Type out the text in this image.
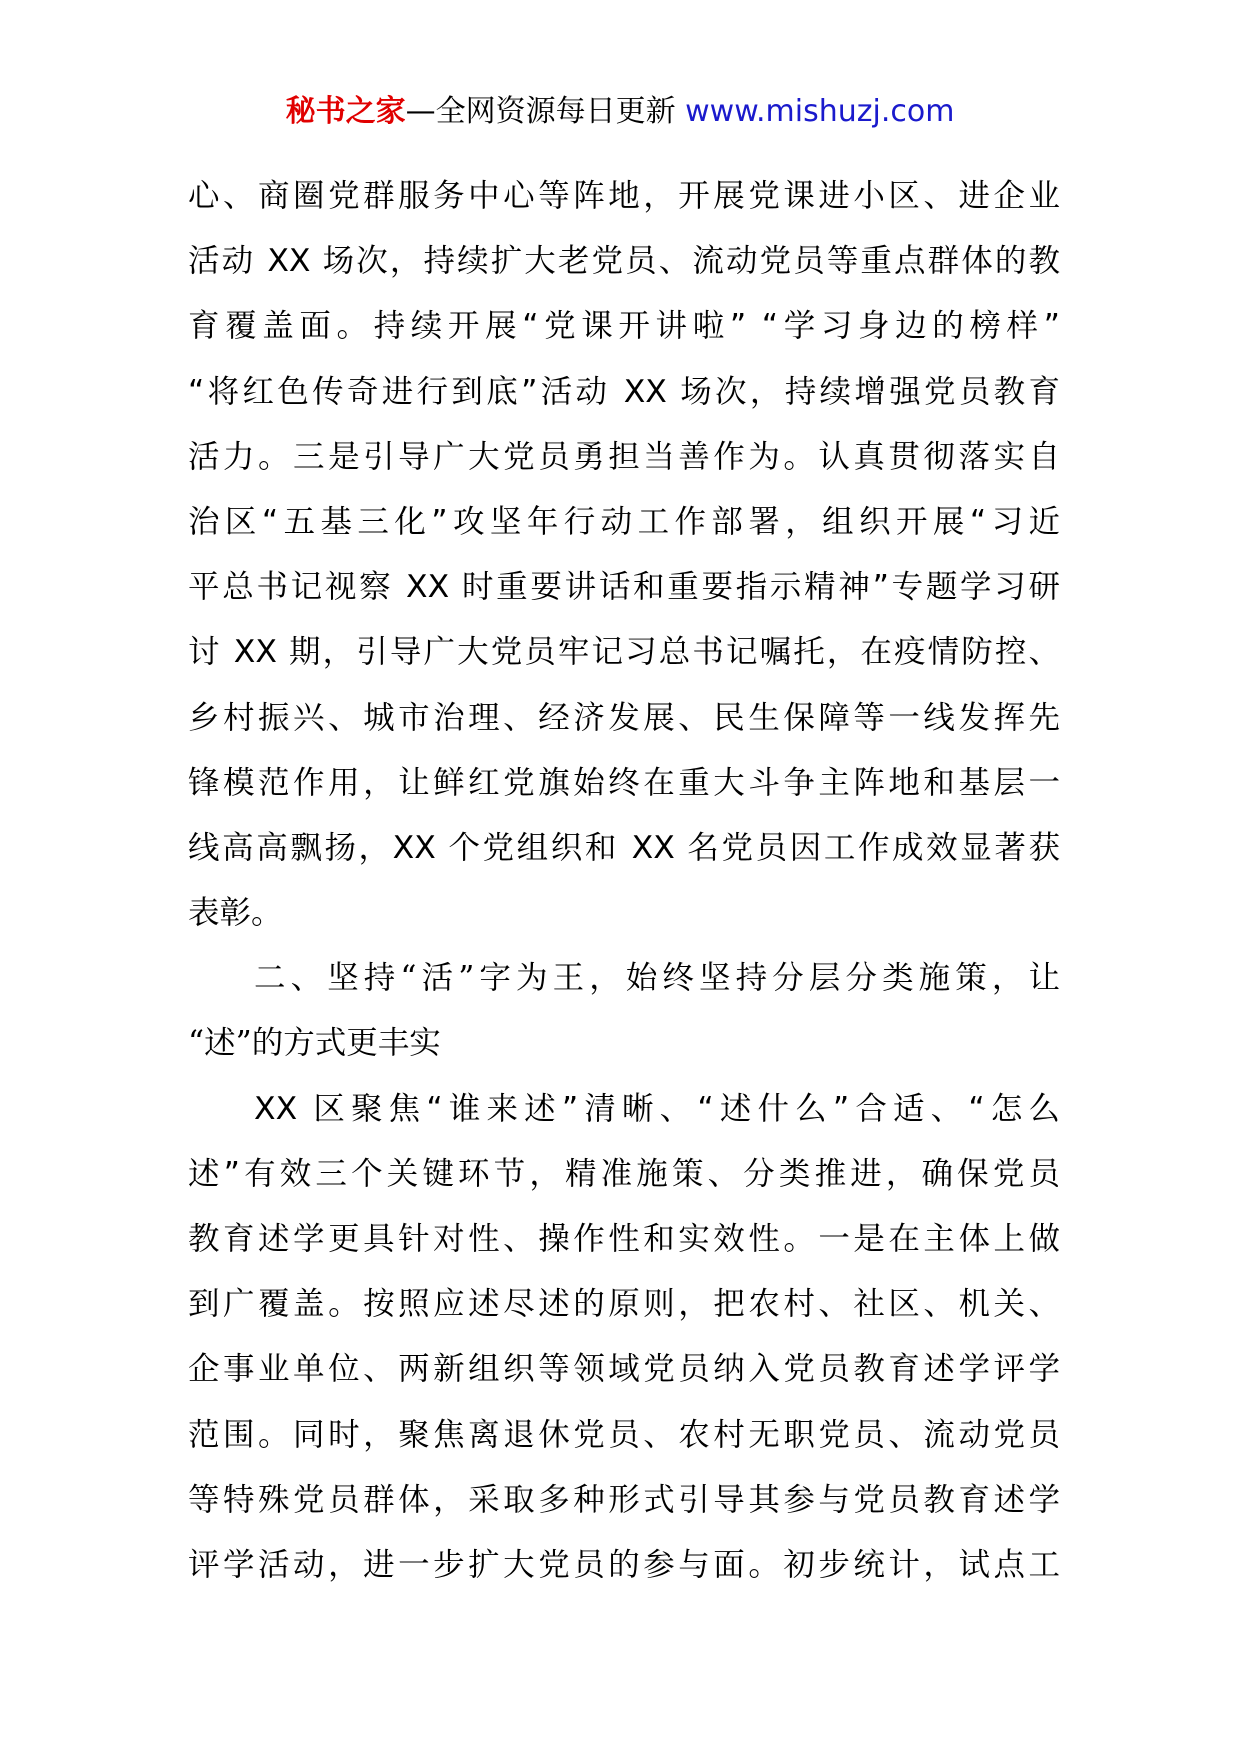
秘书之家—全网资源每日更新 www.mishuzj.com
心、商圈党群服务中心等阵地，开展党课进小区、进企业
活动 XX 场次，持续扩大老党员、流动党员等重点群体的教
育覆盖面。持续开展“党课开讲啦” “学习身边的榜样”
“将红色传奇进行到底”活动 XX 场次，持续增强党员教育
活力。三是引导广大党员勇担当善作为。认真贯彻落实自
治区“五基三化”攻坚年行动工作部署，组织开展“习近
平总书记视察 XX 时重要讲话和重要指示精神”专题学习研
讨 XX 期，引导广大党员牢记习总书记嘱托，在疫情防控、
乡村振兴、城市治理、经济发展、民生保障等一线发挥先
锋模范作用，让鲜红党旗始终在重大斗争主阵地和基层一
线高高飘扬，XX 个党组织和 XX 名党员因工作成效显著获
表彰。
二、坚持“活”字为王，始终坚持分层分类施策，让
“述”的方式更丰实
XX 区聚焦“谁来述”清晰、“述什么”合适、“怎么
述”有效三个关键环节，精准施策、分类推进，确保党员
教育述学更具针对性、操作性和实效性。一是在主体上做
到广覆盖。按照应述尽述的原则，把农村、社区、机关、
企事业单位、两新组织等领域党员纳入党员教育述学评学
范围。同时，聚焦离退休党员、农村无职党员、流动党员
等特殊党员群体，采取多种形式引导其参与党员教育述学
评学活动，进一步扩大党员的参与面。初步统计，试点工
